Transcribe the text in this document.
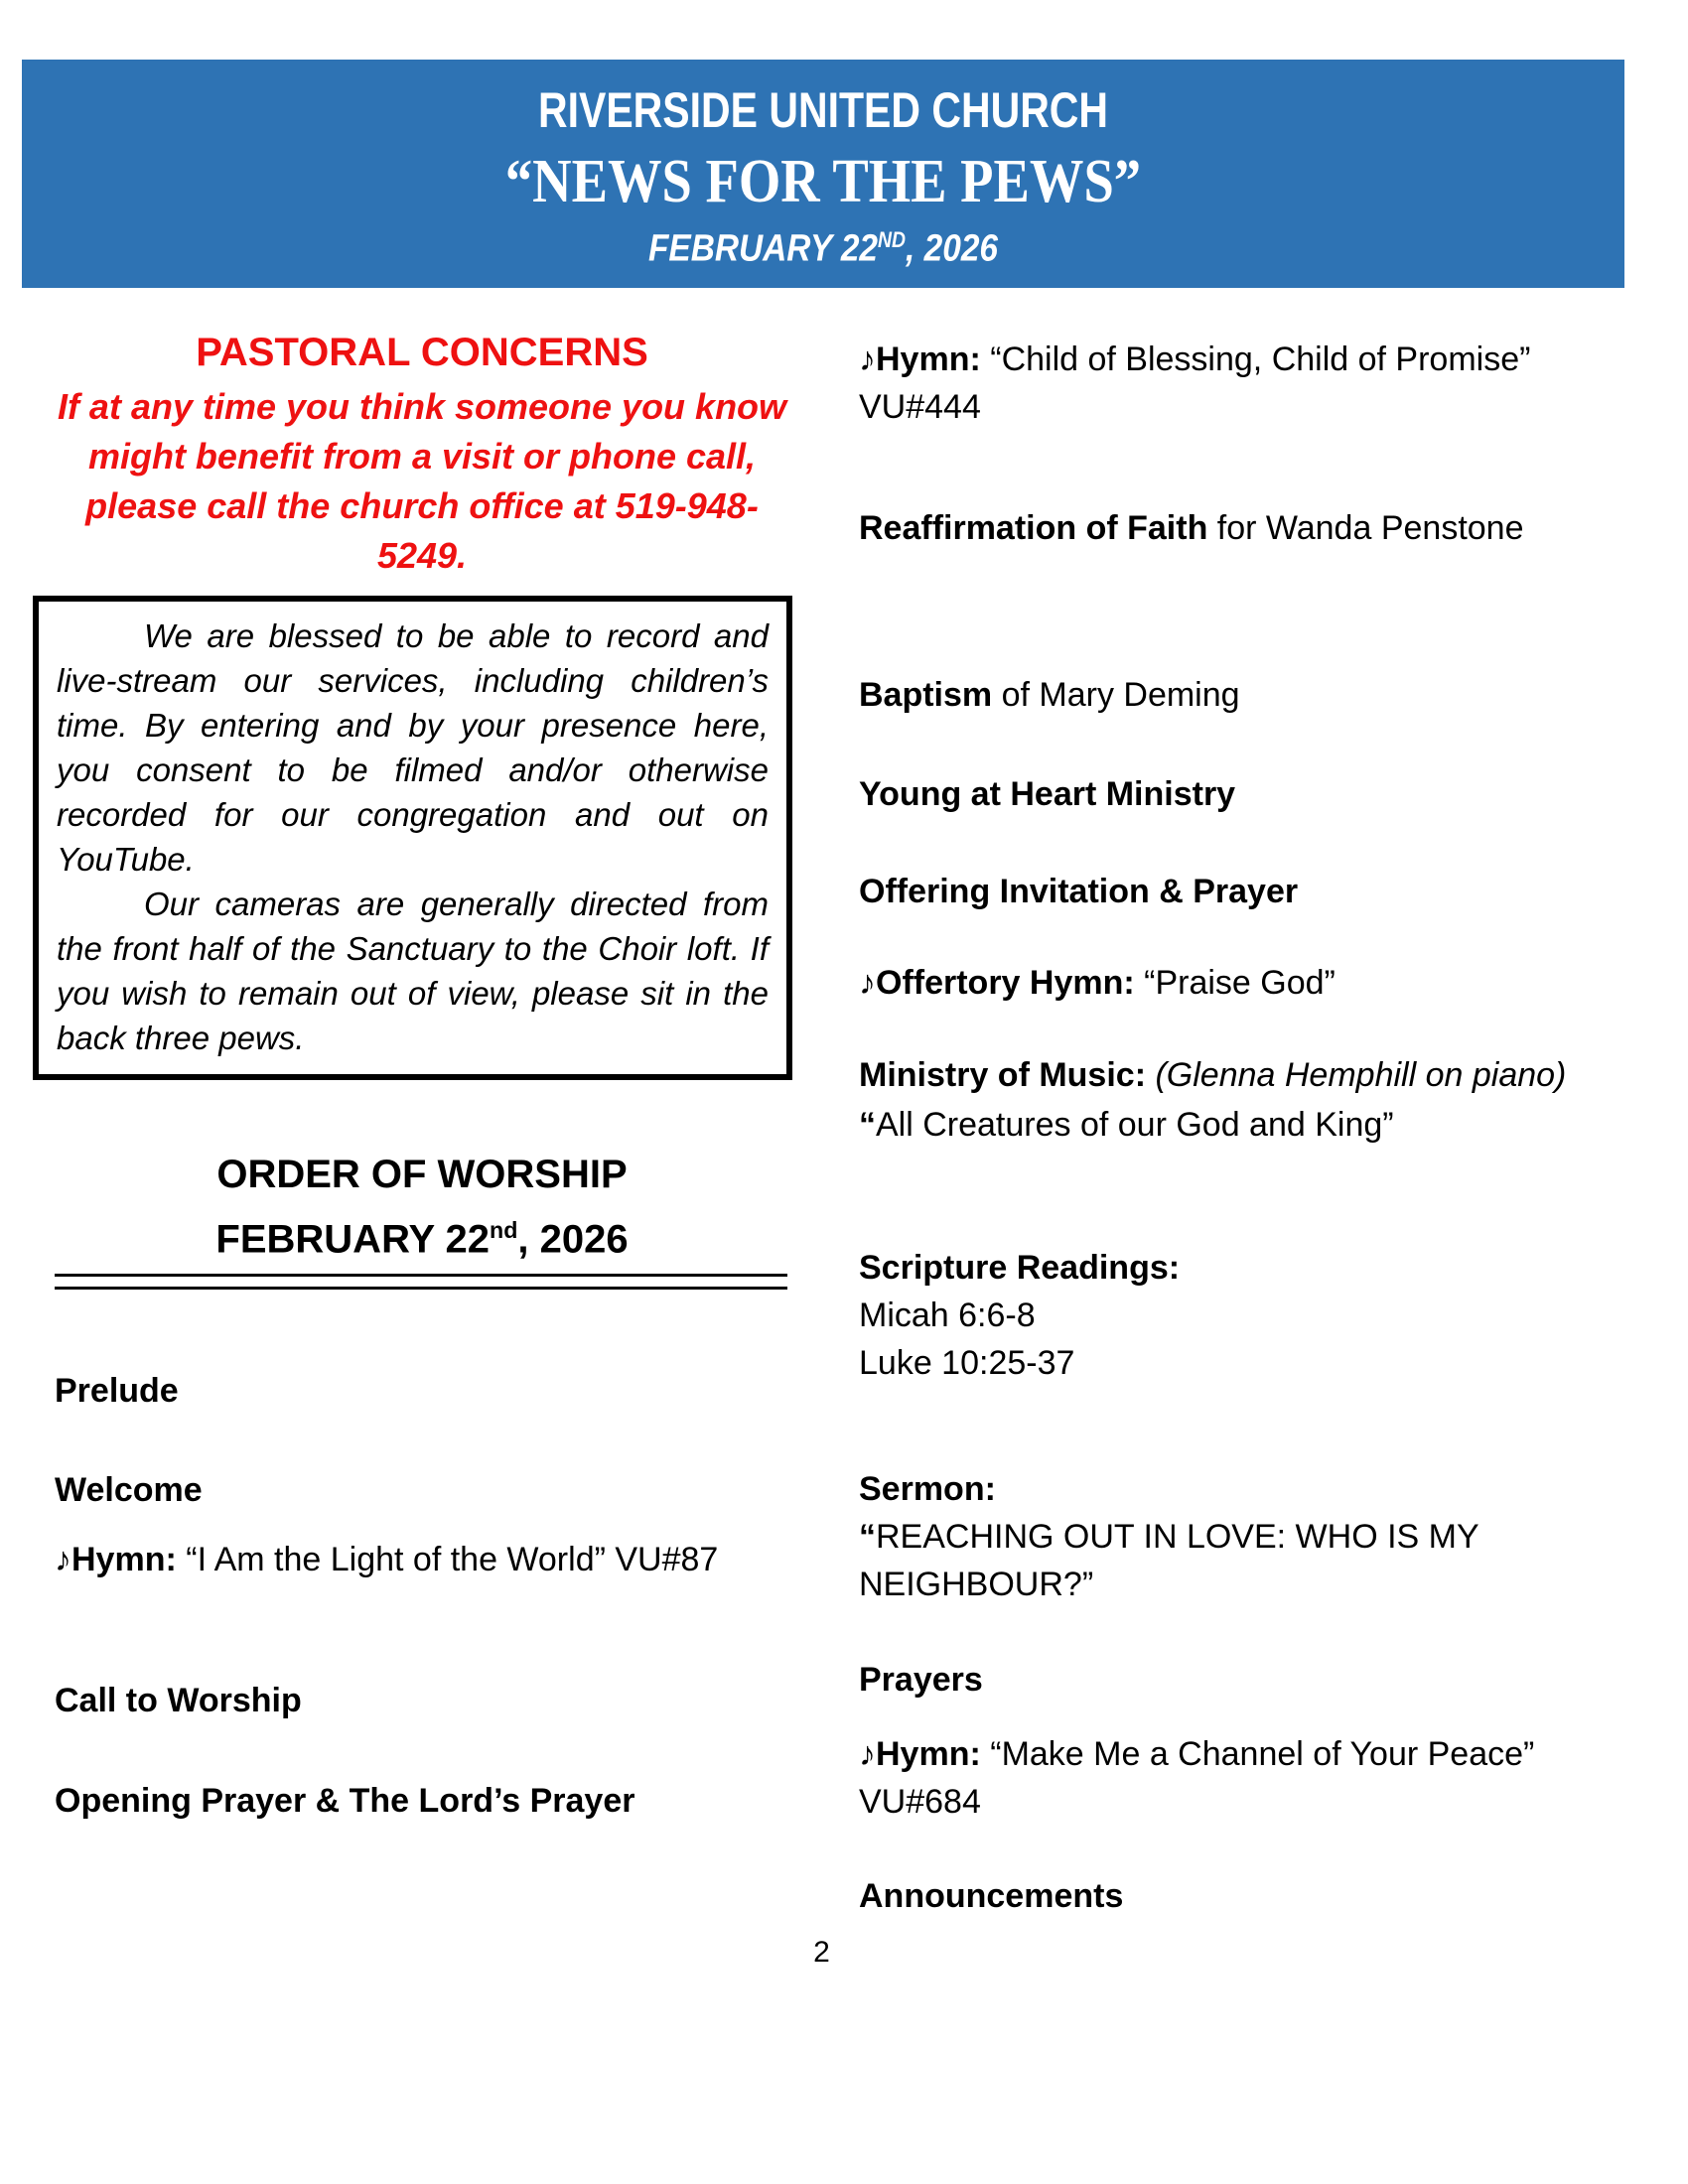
RIVERSIDE UNITED CHURCH
“NEWS FOR THE PEWS”
FEBRUARY 22ND, 2026
PASTORAL CONCERNS
If at any time you think someone you know might benefit from a visit or phone call, please call the church office at 519-948-5249.

We are blessed to be able to record and live-stream our services, including children’s time. By entering and by your presence here, you consent to be filmed and/or otherwise recorded for our congregation and out on YouTube.

Our cameras are generally directed from the front half of the Sanctuary to the Choir loft. If you wish to remain out of view, please sit in the back three pews.

ORDER OF WORSHIP
FEBRUARY 22nd, 2026
Prelude
Welcome
♪Hymn: “I Am the Light of the World” VU#87
Call to Worship
Opening Prayer & The Lord’s Prayer
♪Hymn: “Child of Blessing, Child of Promise” VU#444
Reaffirmation of Faith for Wanda Penstone
Baptism of Mary Deming
Young at Heart Ministry
Offering Invitation & Prayer
♪Offertory Hymn: “Praise God”
Ministry of Music: (Glenna Hemphill on piano)
“All Creatures of our God and King”
Scripture Readings:
Micah 6:6-8
Luke 10:25-37
Sermon:
“REACHING OUT IN LOVE: WHO IS MY NEIGHBOUR?”
Prayers
♪Hymn: “Make Me a Channel of Your Peace” VU#684
Announcements
2
